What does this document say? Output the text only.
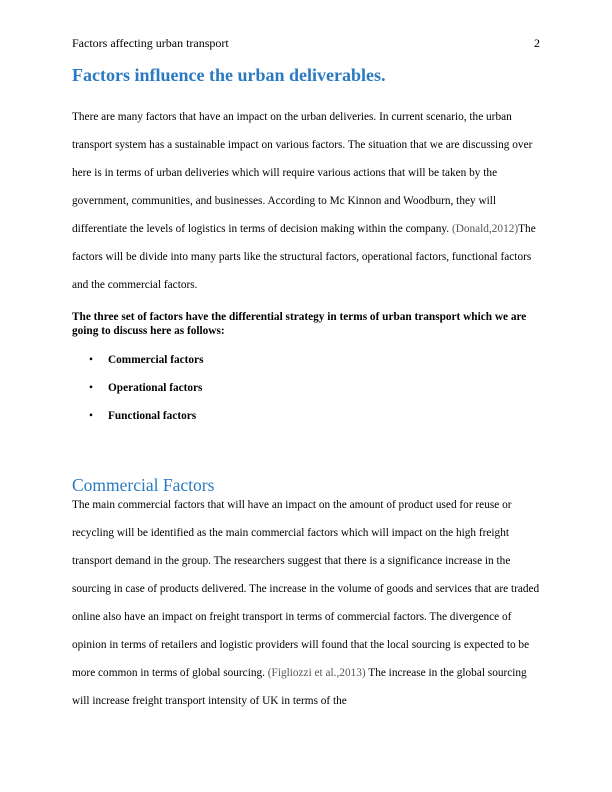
Factors affecting urban transport	2
Factors influence the urban deliverables.

There are many factors that have an impact on the urban deliveries. In current scenario, the urban transport system has a sustainable impact on various factors. The situation that we are discussing over here is in terms of urban deliveries which will require various actions that will be taken by the government, communities, and businesses. According to Mc Kinnon and Woodburn, they will differentiate the levels of logistics in terms of decision making within the company. (Donald,2012)The factors will be divide into many parts like the structural factors, operational factors, functional factors and the commercial factors.

The three set of factors have the differential strategy in terms of urban transport which we are going to discuss here as follows:

• Commercial factors
• Operational factors
• Functional factors
Commercial Factors

The main commercial factors that will have an impact on the amount of product used for reuse or recycling will be identified as the main commercial factors which will impact on the high freight transport demand in the group. The researchers suggest that there is a significance increase in the sourcing in case of products delivered. The increase in the volume of goods and services that are traded online also have an impact on freight transport in terms of commercial factors. The divergence of opinion in terms of retailers and logistic providers will found that the local sourcing is expected to be more common in terms of global sourcing. (Figliozzi et al.,2013) The increase in the global sourcing will increase freight transport intensity of UK in terms of the
